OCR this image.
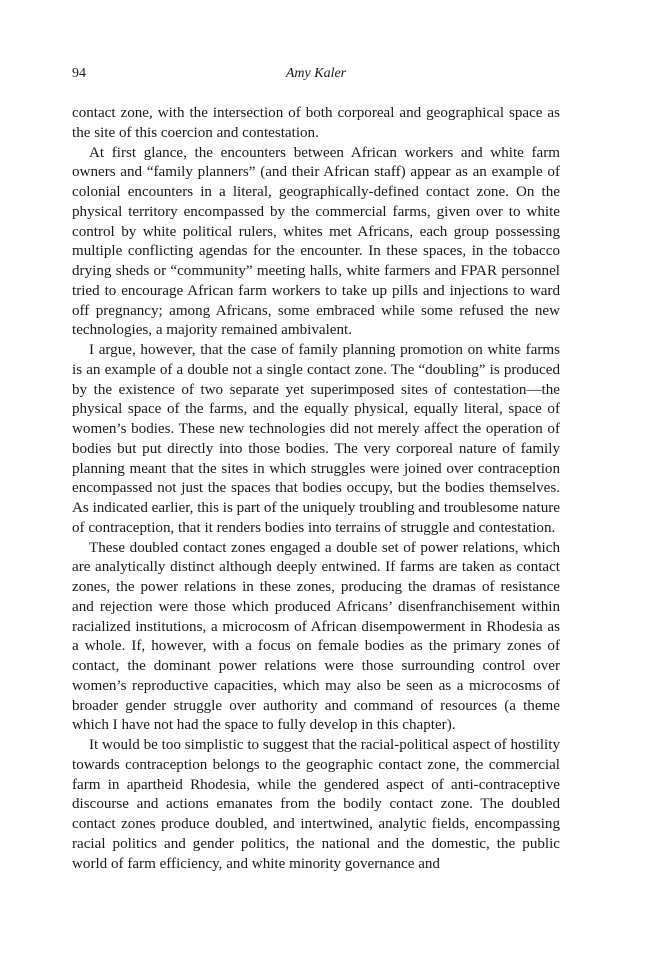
94	Amy Kaler

contact zone, with the intersection of both corporeal and geographical space as the site of this coercion and contestation.

At first glance, the encounters between African workers and white farm owners and “family planners” (and their African staff) appear as an example of colonial encounters in a literal, geographically-defined contact zone. On the physical territory encompassed by the commercial farms, given over to white control by white political rulers, whites met Africans, each group possessing multiple conflicting agendas for the encounter. In these spaces, in the tobacco drying sheds or “community” meeting halls, white farmers and FPAR personnel tried to encourage African farm workers to take up pills and injections to ward off pregnancy; among Africans, some embraced while some refused the new technologies, a majority remained ambivalent.

I argue, however, that the case of family planning promotion on white farms is an example of a double not a single contact zone. The “doubling” is produced by the existence of two separate yet superimposed sites of contestation—the physical space of the farms, and the equally physical, equally literal, space of women’s bodies. These new technologies did not merely affect the operation of bodies but put directly into those bodies. The very corporeal nature of family planning meant that the sites in which struggles were joined over contraception encompassed not just the spaces that bodies occupy, but the bodies themselves. As indicated earlier, this is part of the uniquely troubling and troublesome nature of contraception, that it renders bodies into terrains of struggle and contestation.

These doubled contact zones engaged a double set of power relations, which are analytically distinct although deeply entwined. If farms are taken as contact zones, the power relations in these zones, producing the dramas of resistance and rejection were those which produced Africans’ disenfranchisement within racialized institutions, a microcosm of African disempowerment in Rhodesia as a whole. If, however, with a focus on female bodies as the primary zones of contact, the dominant power relations were those surrounding control over women’s reproductive capacities, which may also be seen as a microcosms of broader gender struggle over authority and command of resources (a theme which I have not had the space to fully develop in this chapter).

It would be too simplistic to suggest that the racial-political aspect of hostility towards contraception belongs to the geographic contact zone, the commercial farm in apartheid Rhodesia, while the gendered aspect of anti-contraceptive discourse and actions emanates from the bodily contact zone. The doubled contact zones produce doubled, and intertwined, analytic fields, encompassing racial politics and gender politics, the national and the domestic, the public world of farm efficiency, and white minority governance and
